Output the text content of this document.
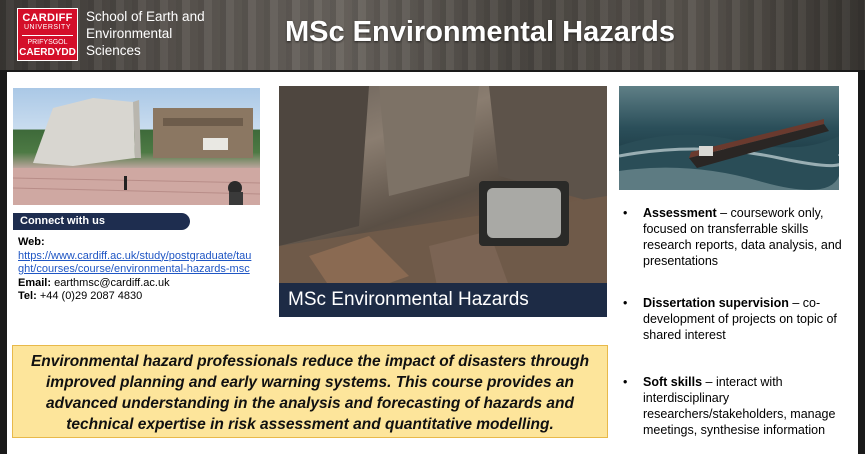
CARDIFF
UNIVERSITY
PRIFYSGOL
CAERDYDD
School of Earth and Environmental Sciences
MSc Environmental Hazards
Connect with us
Web:
https://www.cardiff.ac.uk/study/postgraduate/taught/courses/course/environmental-hazards-msc
Email: earthmsc@cardiff.ac.uk
Tel: +44 (0)29 2087 4830	MSc Environmental Hazards
Environmental hazard professionals reduce the impact of disasters through improved planning and early warning systems. This course provides an advanced understanding in the analysis and forecasting of hazards and technical expertise in risk assessment and quantitative modelling.
• Assessment – coursework only, focused on transferrable skills research reports, data analysis, and presentations
• Dissertation supervision – co-development of projects on topic of shared interest
• Soft skills – interact with interdisciplinary researchers/stakeholders, manage meetings, synthesise information
